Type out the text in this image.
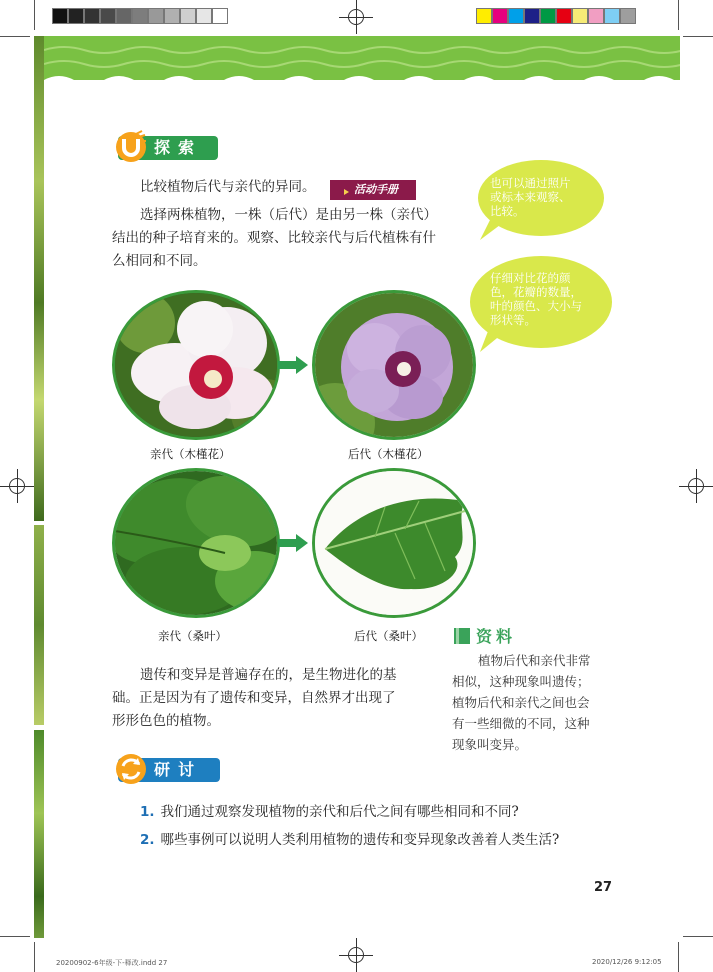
探索
比较植物后代与亲代的异同。	活动手册
选择两株植物，一株（后代）是由另一株（亲代）
结出的种子培育来的。观察、比较亲代与后代植株有什
么相同和不同。
也可以通过照片
或标本来观察、
比较。
仔细对比花的颜
色，花瓣的数量，
叶的颜色、大小与
形状等。
亲代（木槿花）	后代（木槿花）
亲代（桑叶）	后代（桑叶）
遗传和变异是普遍存在的，是生物进化的基
础。正是因为有了遗传和变异，自然界才出现了
形形色色的植物。
资料
植物后代和亲代非常
相似，这种现象叫遗传；
植物后代和亲代之间也会
有一些细微的不同，这种
现象叫变异。
研讨
1. 我们通过观察发现植物的亲代和后代之间有哪些相同和不同?
2. 哪些事例可以说明人类利用植物的遗传和变异现象改善着人类生活?
27
20200902-6年级-下-释改.indd 27	2020/12/26 9:12:05
